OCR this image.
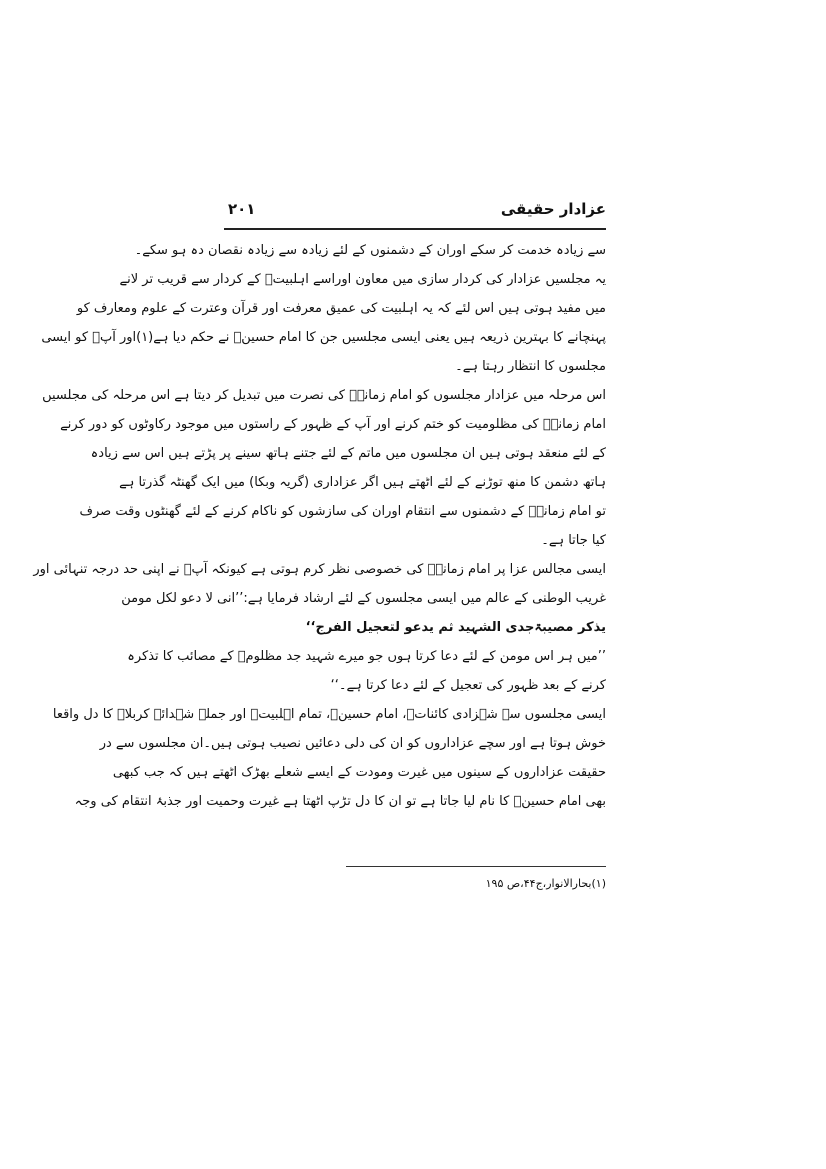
عزادار حقیقی
۲۰۱
سے زیادہ خدمت کر سکے اوران کے دشمنوں کے لئے زیادہ سے زیادہ نقصان دہ ہو سکے۔
یہ مجلسیں عزادار کی کردار سازی میں معاون اوراسے اہلبیتؑ کے کردار سے قریب تر لانے
میں مفید ہوتی ہیں اس لئے کہ یہ اہلبیت کی عمیق معرفت اور قرآن وعترت کے علوم ومعارف کو
پہنچانے کا بہترین ذریعہ ہیں یعنی ایسی مجلسیں جن کا امام حسینؑ نے حکم دیا ہے(۱)اور آپؑ کو ایسی
مجلسوں کا انتظار رہتا ہے۔
اس مرحلہ میں عزادار مجلسوں کو امام زمانہؑ کی نصرت میں تبدیل کر دیتا ہے اس مرحلہ کی مجلسیں
امام زمانہؑ کی مظلومیت کو ختم کرنے اور آپ کے ظہور کے راستوں میں موجود رکاوٹوں کو دور کرنے
کے لئے منعقد ہوتی ہیں ان مجلسوں میں ماتم کے لئے جتنے ہاتھ سینے پر پڑتے ہیں اس سے زیادہ
ہاتھ دشمن کا منھ توڑنے کے لئے اٹھتے ہیں اگر عزاداری (گریہ وبکا) میں ایک گھنٹہ گذرتا ہے
تو امام زمانہؑ کے دشمنوں سے انتقام اوران کی سازشوں کو ناکام کرنے کے لئے گھنٹوں وقت صرف
کیا جاتا ہے۔
ایسی مجالس عزا پر امام زمانہؑ کی خصوصی نظر کرم ہوتی ہے کیونکہ آپؑ نے اپنی حد درجہ تنہائی اور
غریب الوطنی کے عالم میں ایسی مجلسوں کے لئے ارشاد فرمایا ہے:’’انی لا دعو لکل مومن
یذکر مصیبۃجدی الشہید ثم یدعو لتعجیل الفرج‘‘
’’میں ہر اس مومن کے لئے دعا کرتا ہوں جو میرے شہید جد مظلومؑ کے مصائب کا تذکرہ
کرنے کے بعد ظہور کی تعجیل کے لئے دعا کرتا ہے۔‘‘
ایسی مجلسوں سے شہزادی کائناتؑ، امام حسینؑ، تمام اہلبیتؑ اور جملہ شہدائے کربلاؑ کا دل واقعا
خوش ہوتا ہے اور سچے عزاداروں کو ان کی دلی دعائیں نصیب ہوتی ہیں۔ان مجلسوں سے در
حقیقت عزاداروں کے سینوں میں غیرت ومودت کے ایسے شعلے بھڑک اٹھتے ہیں کہ جب کبھی
بھی امام حسینؑ کا نام لیا جاتا ہے تو ان کا دل تڑپ اٹھتا ہے غیرت وحمیت اور جذبۂ انتقام کی وجہ
(۱)بحارالانوار،ج۴۴،ص ۱۹۵
